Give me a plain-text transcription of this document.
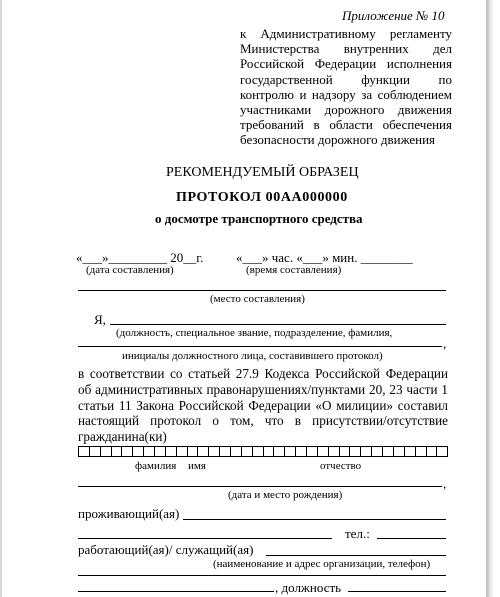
Приложение № 10
к Административному регламенту Министерства внутренних дел Российской Федерации исполнения государственной функции по контролю и надзору за соблюдением участниками дорожного движения требований в области обеспечения безопасности дорожного движения
РЕКОМЕНДУЕМЫЙ ОБРАЗЕЦ
ПРОТОКОЛ 00АА000000
о досмотре транспортного средства
«___»_________ 20__г.	«___» час. «___» мин. ________
(дата составления)	(время составления)
(место составления)
Я,
(должность, специальное звание, подразделение, фамилия,
,
инициалы должностного лица, составившего протокол)
в соответствии со статьей 27.9 Кодекса Российской Федерации об административных правонарушениях/пунктами 20, 23 части 1 статьи 11 Закона Российской Федерации «О милиции» составил настоящий протокол о том, что в присутствии/отсутствие гражданина(ки)
фамилия имя	отчество
,
(дата и место рождения)
проживающий(ая)
тел.:
работающий(ая)/ служащий(ая)
(наименование и адрес организации, телефон)
, должность
